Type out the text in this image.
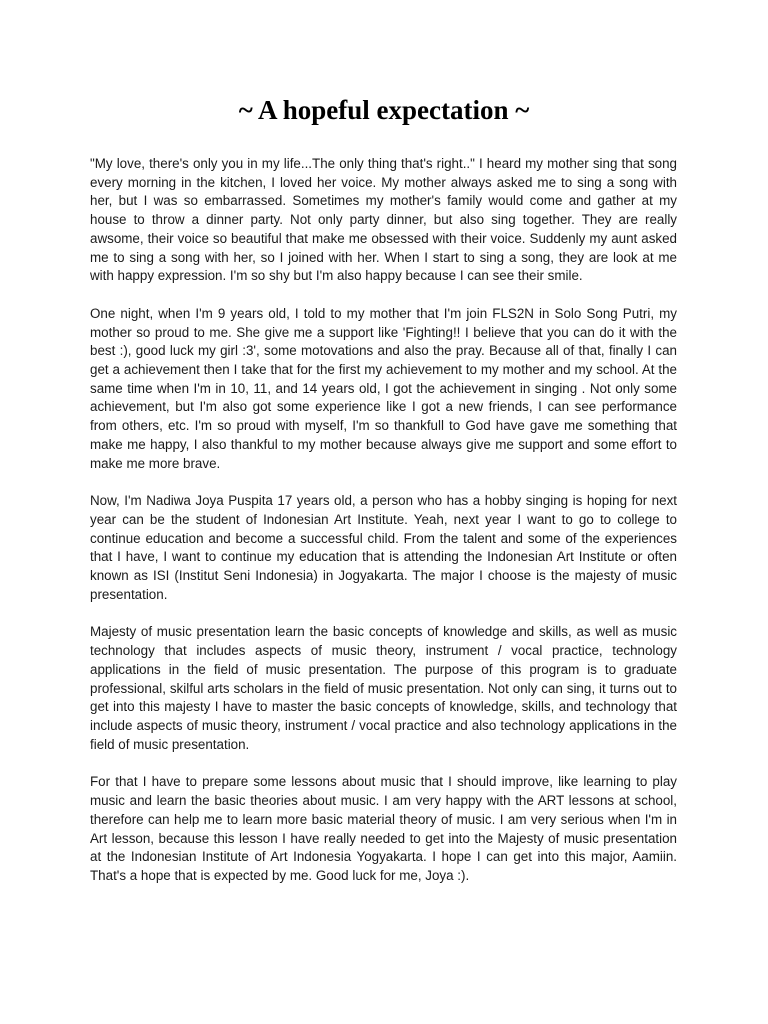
~ A hopeful expectation ~

"My love, there's only you in my life...The only thing that's right.." I heard my mother sing that song every morning in the kitchen, I loved her voice. My mother always asked me to sing a song with her, but I was so embarrassed. Sometimes my mother's family would come and gather at my house to throw a dinner party. Not only party dinner, but also sing together. They are really awsome, their voice so beautiful that make me obsessed with their voice. Suddenly my aunt asked me to sing a song with her, so I joined with her. When I start to sing a song, they are look at me with happy expression. I'm so shy but I'm also happy because I can see their smile.

One night, when I'm 9 years old, I told to my mother that I'm join FLS2N in Solo Song Putri, my mother so proud to me. She give me a support like 'Fighting!! I believe that you can do it with the best :), good luck my girl :3', some motovations and also the pray. Because all of that, finally I can get a achievement then I take that for the first my achievement to my mother and my school. At the same time when I'm in 10, 11, and 14 years old, I got the achievement in singing . Not only some achievement, but I'm also got some experience like I got a new friends, I can see performance from others, etc. I'm so proud with myself, I'm so thankfull to God have gave me something that make me happy, I also thankful to my mother because always give me support and some effort to make me more brave.

Now, I'm Nadiwa Joya Puspita 17 years old, a person who has a hobby singing is hoping for next year can be the student of Indonesian Art Institute. Yeah, next year I want to go to college to continue education and become a successful child. From the talent and some of the experiences that I have, I want to continue my education that is attending the Indonesian Art Institute or often known as ISI (Institut Seni Indonesia) in Jogyakarta. The major I choose is the majesty of music presentation.

Majesty of music presentation learn the basic concepts of knowledge and skills, as well as music technology that includes aspects of music theory, instrument / vocal practice, technology applications in the field of music presentation. The purpose of this program is to graduate professional, skilful arts scholars in the field of music presentation. Not only can sing, it turns out to get into this majesty I have to master the basic concepts of knowledge, skills, and technology that include aspects of music theory, instrument / vocal practice and also technology applications in the field of music presentation.

For that I have to prepare some lessons about music that I should improve, like learning to play music and learn the basic theories about music. I am very happy with the ART lessons at school, therefore can help me to learn more basic material theory of music. I am very serious when I'm in Art lesson, because this lesson I have really needed to get into the Majesty of music presentation at the Indonesian Institute of Art Indonesia Yogyakarta. I hope I can get into this major, Aamiin. That's a hope that is expected by me. Good luck for me, Joya :).
